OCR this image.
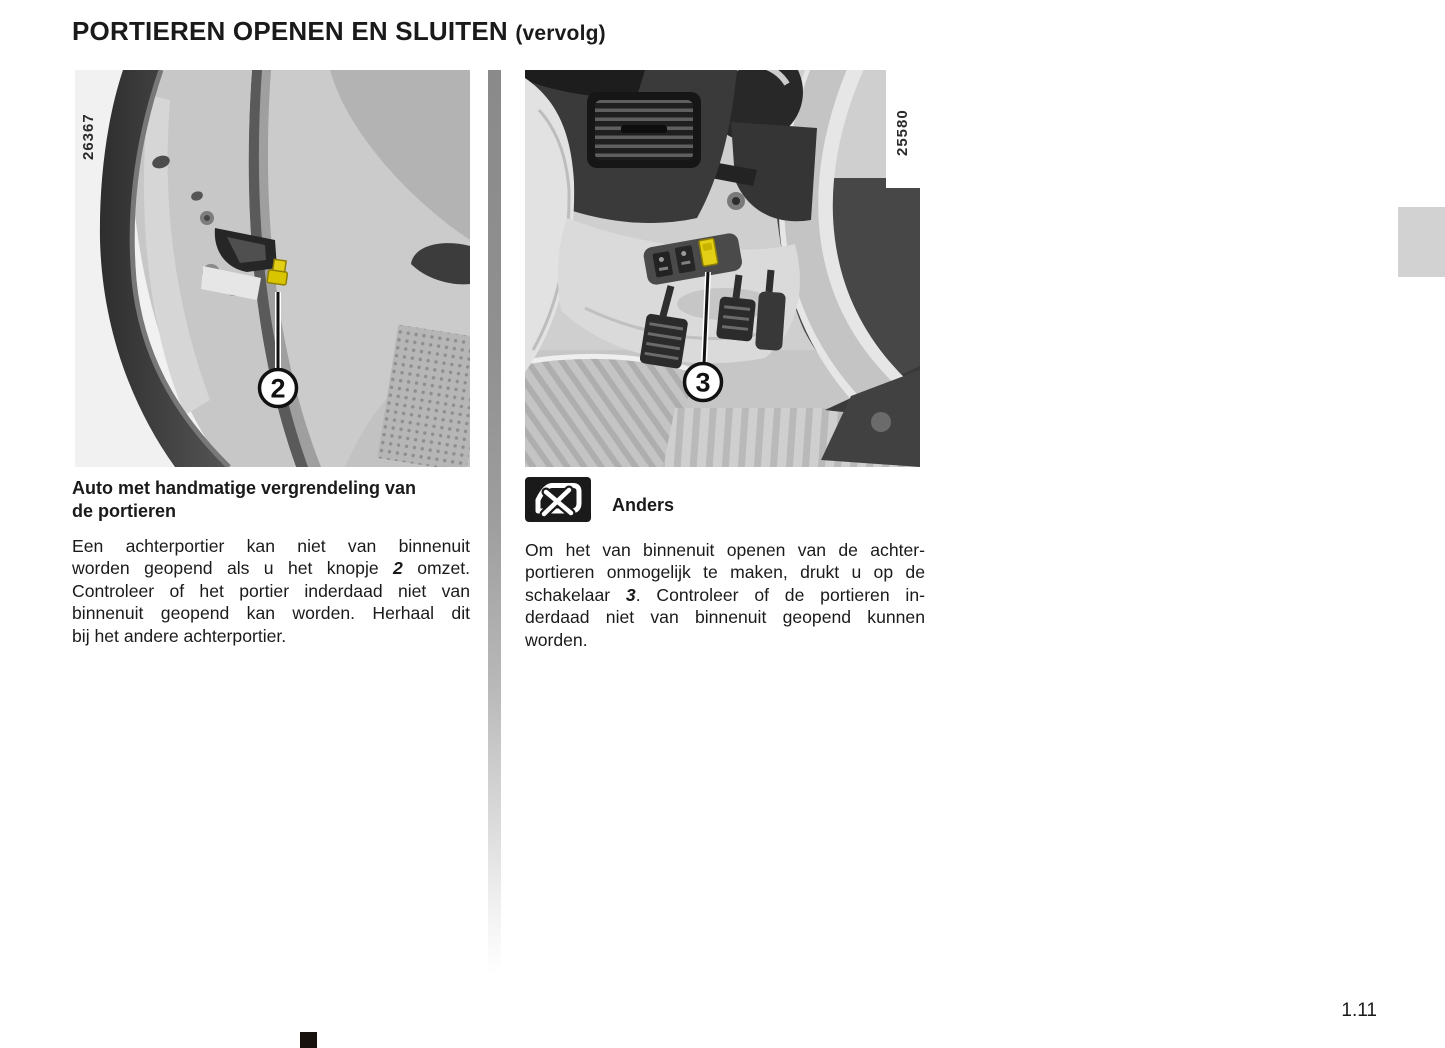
PORTIEREN OPENEN EN SLUITEN (vervolg)
2
26367
3
25580
Auto met handmatige vergrendeling van
de portieren
Een achterportier kan niet van binnenuit
worden geopend als u het knopje 2 omzet.
Controleer of het portier inderdaad niet van
binnenuit geopend kan worden. Herhaal dit
bij het andere achterportier.
Anders
Om het van binnenuit openen van de achter-
portieren onmogelijk te maken, drukt u op de
schakelaar 3. Controleer of de portieren in-
derdaad niet van binnenuit geopend kunnen
worden.
1.11
